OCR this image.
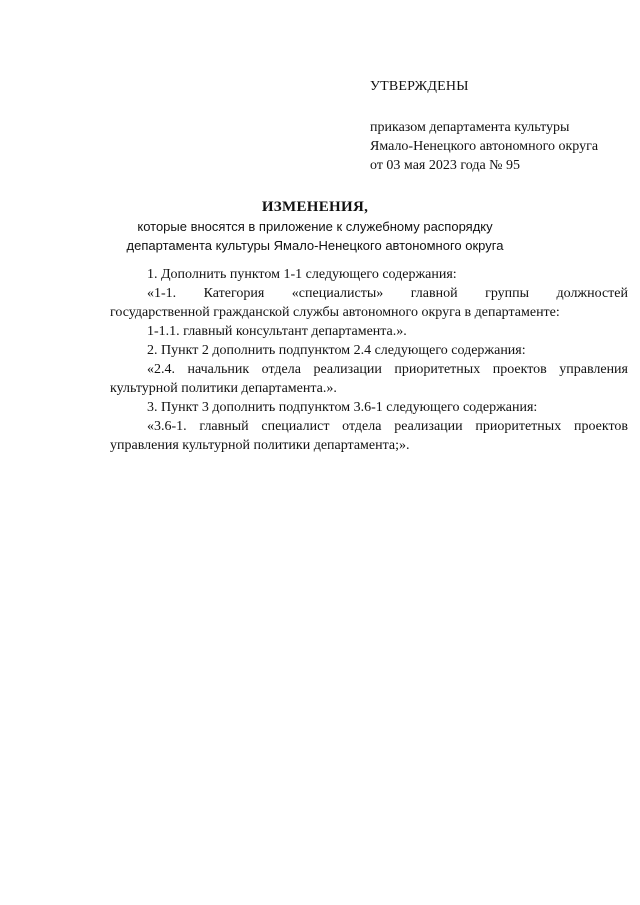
УТВЕРЖДЕНЫ
приказом департамента культуры
Ямало-Ненецкого автономного округа
от 03 мая 2023 года № 95
ИЗМЕНЕНИЯ,
которые вносятся в приложение к служебному распорядку
департамента культуры Ямало-Ненецкого автономного округа
1. Дополнить пунктом 1-1 следующего содержания:
«1-1. Категория «специалисты» главной группы должностей
государственной гражданской службы автономного округа в департаменте:
1-1.1. главный консультант департамента.».
2. Пункт 2 дополнить подпунктом 2.4 следующего содержания:
«2.4. начальник отдела реализации приоритетных проектов управления
культурной политики департамента.».
3. Пункт 3 дополнить подпунктом 3.6-1 следующего содержания:
«3.6-1. главный специалист отдела реализации приоритетных проектов
управления культурной политики департамента;».
